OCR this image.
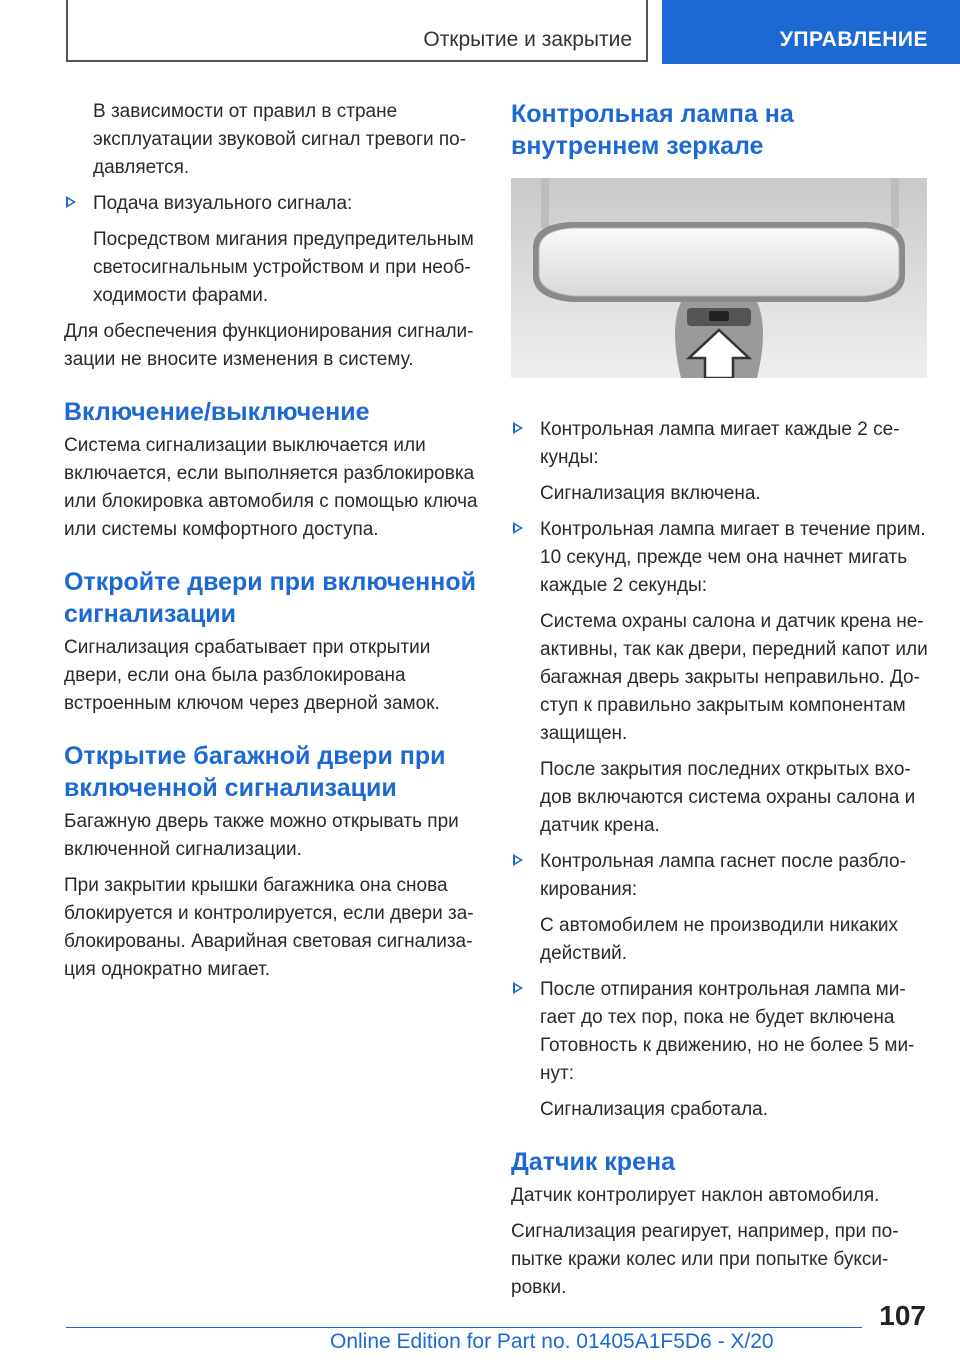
Открытие и закрытие	УПРАВЛЕНИЕ

В зависимости от правил в стране эксплуатации звуковой сигнал тревоги по-давляется.

Подача визуального сигнала:

Посредством мигания предупредительным светосигнальным устройством и при необ-ходимости фарами.

Для обеспечения функционирования сигнали-зации не вносите изменения в систему.

Включение/выключение

Система сигнализации выключается или включается, если выполняется разблокировка или блокировка автомобиля с помощью ключа или системы комфортного доступа.

Откройте двери при включенной сигнализации

Сигнализация срабатывает при открытии двери, если она была разблокирована встроенным ключом через дверной замок.

Открытие багажной двери при включенной сигнализации

Багажную дверь также можно открывать при включенной сигнализации.

При закрытии крышки багажника она снова блокируется и контролируется, если двери за-блокированы. Аварийная световая сигнализа-ция однократно мигает.

Контрольная лампа на внутреннем зеркале

Контрольная лампа мигает каждые 2 се-кунды:

Сигнализация включена.

Контрольная лампа мигает в течение прим. 10 секунд, прежде чем она начнет мигать каждые 2 секунды:

Система охраны салона и датчик крена не-активны, так как двери, передний капот или багажная дверь закрыты неправильно. До-ступ к правильно закрытым компонентам защищен.

После закрытия последних открытых вхо-дов включаются система охраны салона и датчик крена.

Контрольная лампа гаснет после разбло-кирования:

С автомобилем не производили никаких действий.

После отпирания контрольная лампа ми-гает до тех пор, пока не будет включена Готовность к движению, но не более 5 ми-нут:

Сигнализация сработала.

Датчик крена

Датчик контролирует наклон автомобиля.

Сигнализация реагирует, например, при по-пытке кражи колес или при попытке букси-ровки.

107
Online Edition for Part no. 01405A1F5D6 - X/20
